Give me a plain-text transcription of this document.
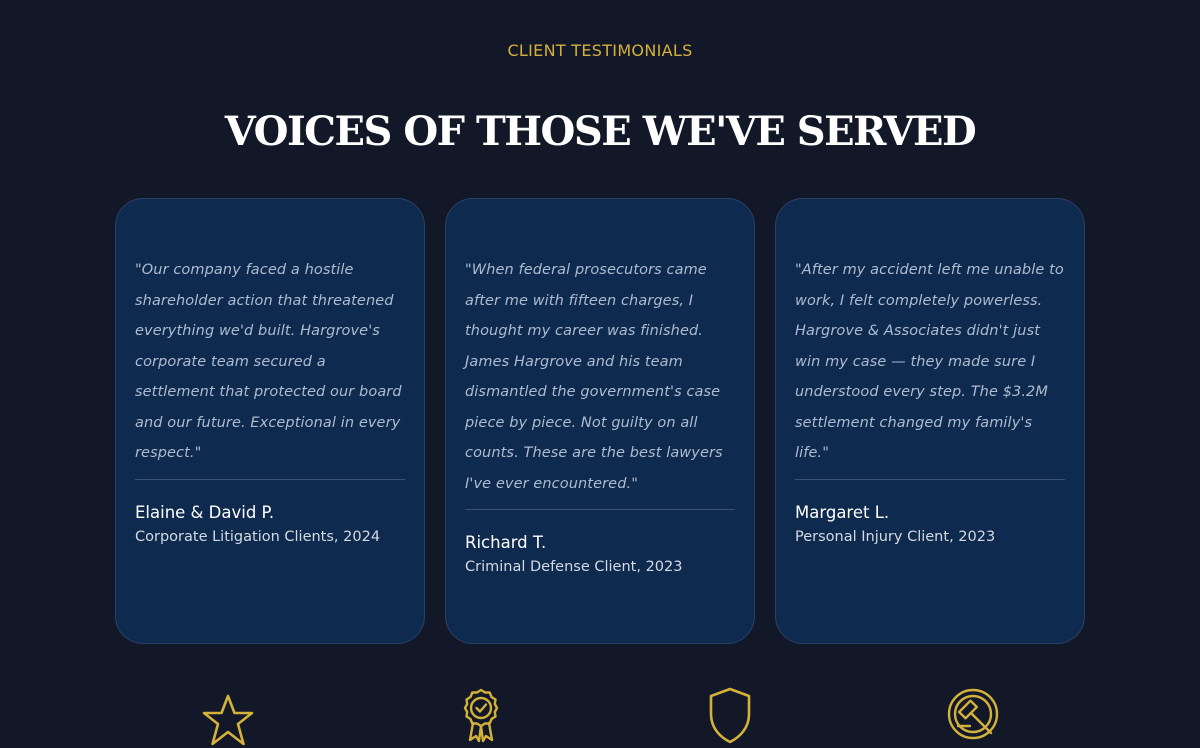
CLIENT TESTIMONIALS
VOICES OF THOSE WE'VE SERVED

"Our company faced a hostile shareholder action that threatened everything we'd built. Hargrove's corporate team secured a settlement that protected our board and our future. Exceptional in every respect."

Elaine & David P.

Corporate Litigation Clients, 2024

"When federal prosecutors came after me with fifteen charges, I thought my career was finished. James Hargrove and his team dismantled the government's case piece by piece. Not guilty on all counts. These are the best lawyers I've ever encountered."

Richard T.

Criminal Defense Client, 2023

"After my accident left me unable to work, I felt completely powerless. Hargrove & Associates didn't just win my case — they made sure I understood every step. The $3.2M settlement changed my family's life."

Margaret L.

Personal Injury Client, 2023
